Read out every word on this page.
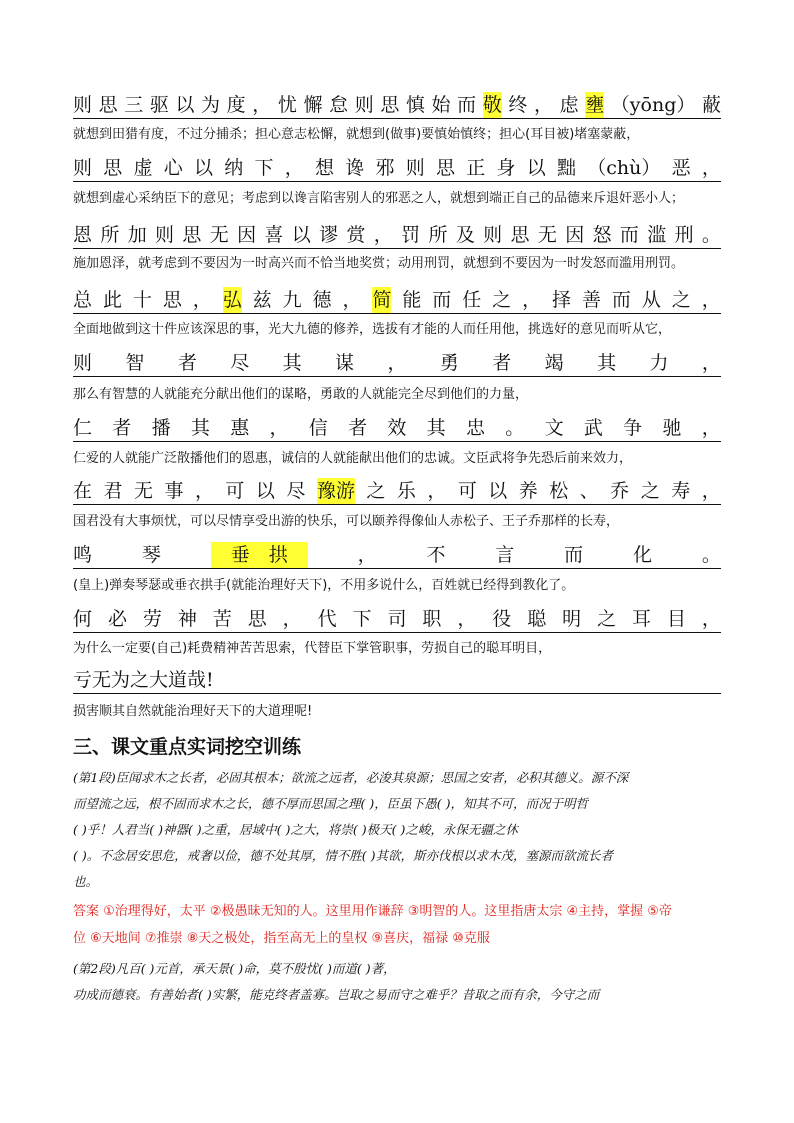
则 思 三 驱 以 为 度 ， 忧 懈 怠 则 思 慎 始 而 敬 终 ， 虑 壅 （yōng） 蔽
就想到田猎有度，不过分捕杀；担心意志松懈，就想到(做事)要慎始慎终；担心(耳目被)堵塞蒙蔽，
则 思 虚 心 以 纳 下 ， 想 谗 邪 则 思 正 身 以 黜 （chù） 恶 ，
就想到虚心采纳臣下的意见；考虑到以谗言陷害别人的邪恶之人，就想到端正自己的品德来斥退奸恶小人；
恩 所 加 则 思 无 因 喜 以 谬 赏 ， 罚 所 及 则 思 无 因 怒 而 滥 刑 。
施加恩泽，就考虑到不要因为一时高兴而不恰当地奖赏；动用刑罚，就想到不要因为一时发怒而滥用刑罚。
总 此 十 思 ， 弘 兹 九 德 ， 简 能 而 任 之 ， 择 善 而 从 之 ，
全面地做到这十件应该深思的事，光大九德的修养，选拔有才能的人而任用他，挑选好的意见而听从它，
则 智 者 尽 其 谋 ， 勇 者 竭 其 力 ，
那么有智慧的人就能充分献出他们的谋略，勇敢的人就能完全尽到他们的力量，
仁 者 播 其 惠 ， 信 者 效 其 忠 。 文 武 争 驰 ，
仁爱的人就能广泛散播他们的恩惠，诚信的人就能献出他们的忠诚。文臣武将争先恐后前来效力，
在 君 无 事 ， 可 以 尽 豫游 之 乐 ， 可 以 养 松 、 乔 之 寿 ，
国君没有大事烦忧，可以尽情享受出游的快乐，可以颐养得像仙人赤松子、王子乔那样的长寿，
鸣	琴	垂　拱	，	不	言	而	化	。
(皇上)弹奏琴瑟或垂衣拱手(就能治理好天下)，不用多说什么，百姓就已经得到教化了。
何 必 劳 神 苦 思 ， 代 下 司 职 ， 役 聪 明 之 耳 目 ，
为什么一定要(自己)耗费精神苦苦思索，代替臣下掌管职事，劳损自己的聪耳明目，
亏无为之大道哉!
损害顺其自然就能治理好天下的大道理呢!
三、课文重点实词挖空训练
(第1段)臣闻求木之长者，必固其根本；欲流之远者，必浚其泉源；思国之安者，必积其德义。源不深
而望流之远，根不固而求木之长，德不厚而思国之理( )，臣虽下愚( )，知其不可，而况于明哲
( )乎！人君当( )神器( )之重，居域中( )之大，将崇( )极天( )之峻，永保无疆之休
( )。不念居安思危，戒奢以俭，德不处其厚，情不胜( )其欲，斯亦伐根以求木茂，塞源而欲流长者
也。
答案 ①治理得好，太平 ②极愚昧无知的人。这里用作谦辞 ③明智的人。这里指唐太宗 ④主持，掌握 ⑤帝
位 ⑥天地间 ⑦推崇 ⑧天之极处，指至高无上的皇权 ⑨喜庆，福禄 ⑩克服
(第2段)凡百( )元首，承天景( )命，莫不殷忧( )而道( )著，
功成而德衰。有善始者( )实繁，能克终者盖寡。岂取之易而守之难乎？昔取之而有余，今守之而
